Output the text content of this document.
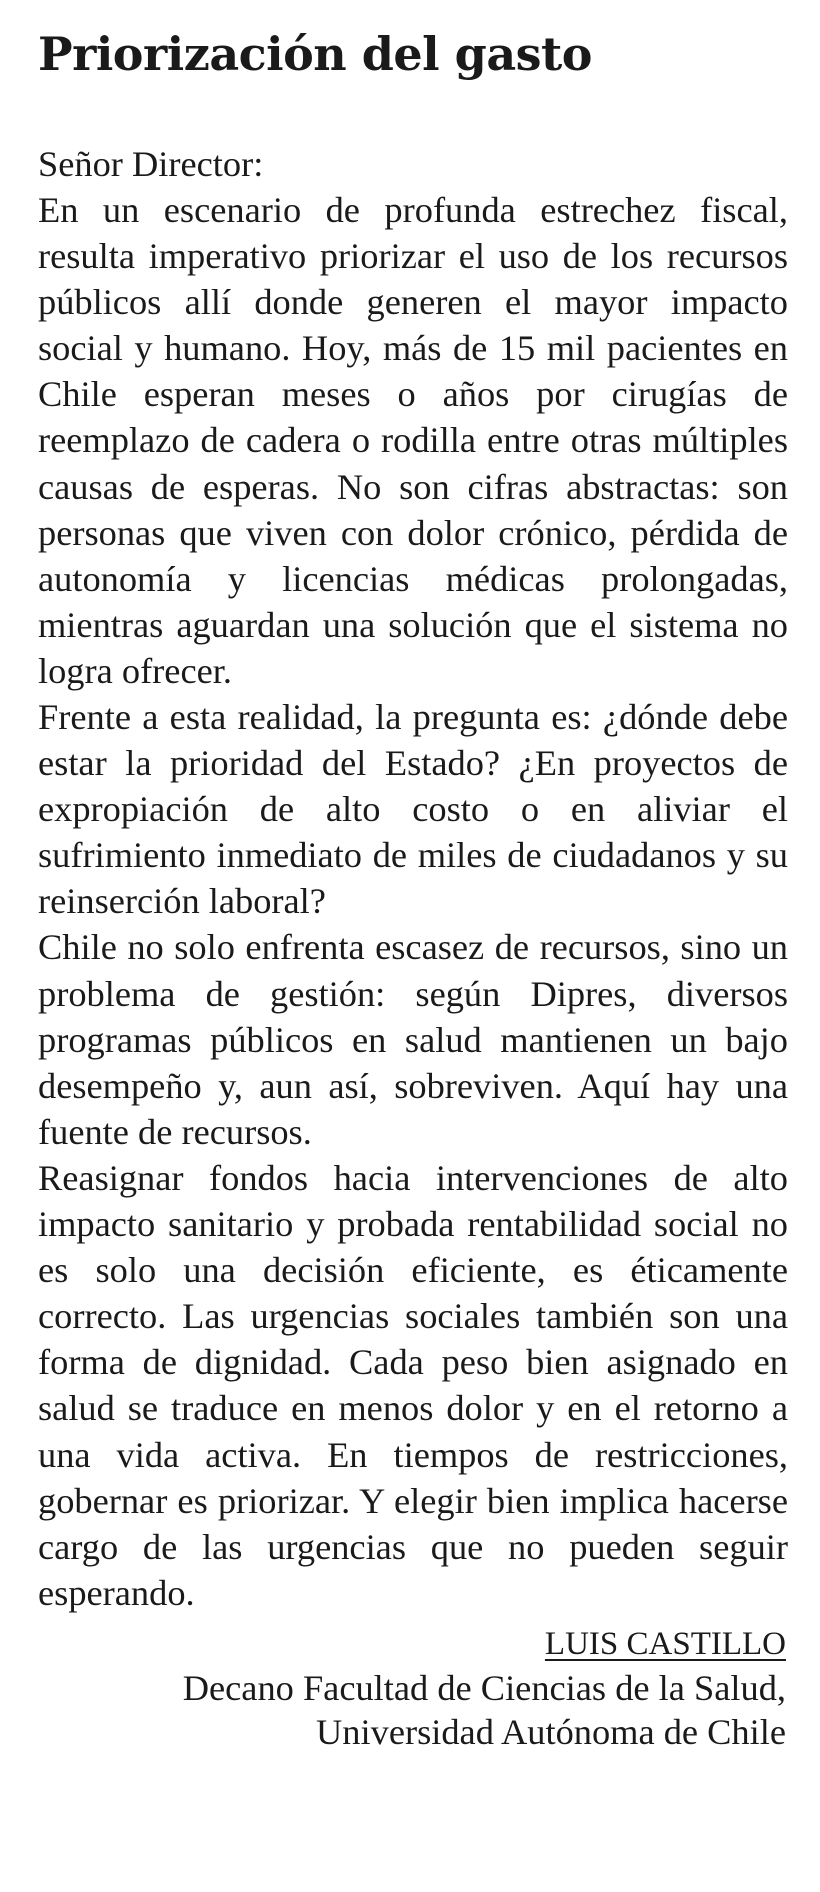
Priorización del gasto

Señor Director:

En un escenario de profunda estrechez fiscal, resulta imperativo priorizar el uso de los recursos públicos allí donde generen el mayor impacto social y humano. Hoy, más de 15 mil pacientes en Chile esperan meses o años por cirugías de reemplazo de cadera o rodilla entre otras múltiples causas de esperas. No son cifras abstractas: son personas que viven con dolor crónico, pérdida de autonomía y licencias médicas prolongadas, mientras aguardan una solución que el sistema no logra ofrecer.

Frente a esta realidad, la pregunta es: ¿dónde debe estar la prioridad del Estado? ¿En proyectos de expropiación de alto costo o en aliviar el sufrimiento inmediato de miles de ciudadanos y su reinserción laboral?

Chile no solo enfrenta escasez de recursos, sino un problema de gestión: según Dipres, diversos programas públicos en salud mantienen un bajo desempeño y, aun así, sobreviven. Aquí hay una fuente de recursos.

Reasignar fondos hacia intervenciones de alto impacto sanitario y probada rentabilidad social no es solo una decisión eficiente, es éticamente correcto. Las urgencias sociales también son una forma de dignidad. Cada peso bien asignado en salud se traduce en menos dolor y en el retorno a una vida activa. En tiempos de restricciones, gobernar es priorizar. Y elegir bien implica hacerse cargo de las urgencias que no pueden seguir esperando.

LUIS CASTILLO
Decano Facultad de Ciencias de la Salud,
Universidad Autónoma de Chile
